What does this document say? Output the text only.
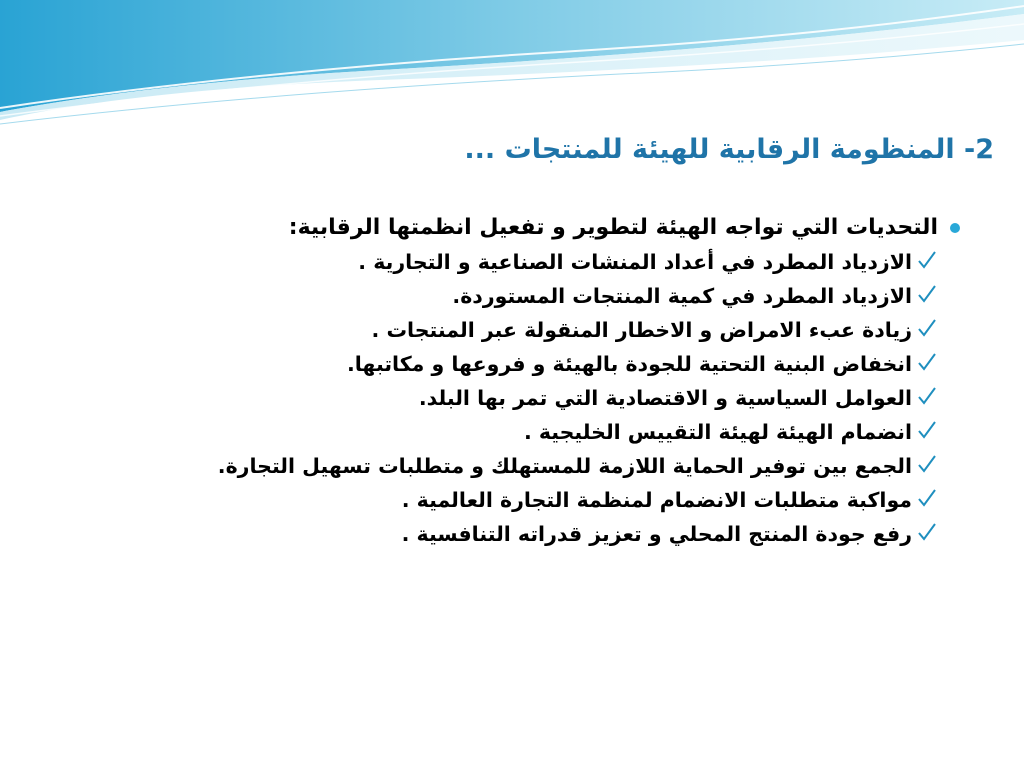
2- المنظومة الرقابية للهيئة للمنتجات ...
التحديات التي تواجه الهيئة لتطوير و تفعيل انظمتها الرقابية:
الازدياد المطرد في أعداد المنشات الصناعية و التجارية .
الازدياد المطرد في كمية المنتجات المستوردة.
زيادة عبء الامراض و الاخطار المنقولة عبر المنتجات .
انخفاض البنية التحتية للجودة بالهيئة و فروعها و مكاتبها.
العوامل السياسية و الاقتصادية التي تمر بها البلد.
انضمام الهيئة لهيئة التقييس الخليجية .
الجمع بين توفير الحماية اللازمة للمستهلك و متطلبات تسهيل التجارة.
مواكبة متطلبات الانضمام لمنظمة التجارة العالمية .
رفع جودة المنتج المحلي و تعزيز قدراته التنافسية .
